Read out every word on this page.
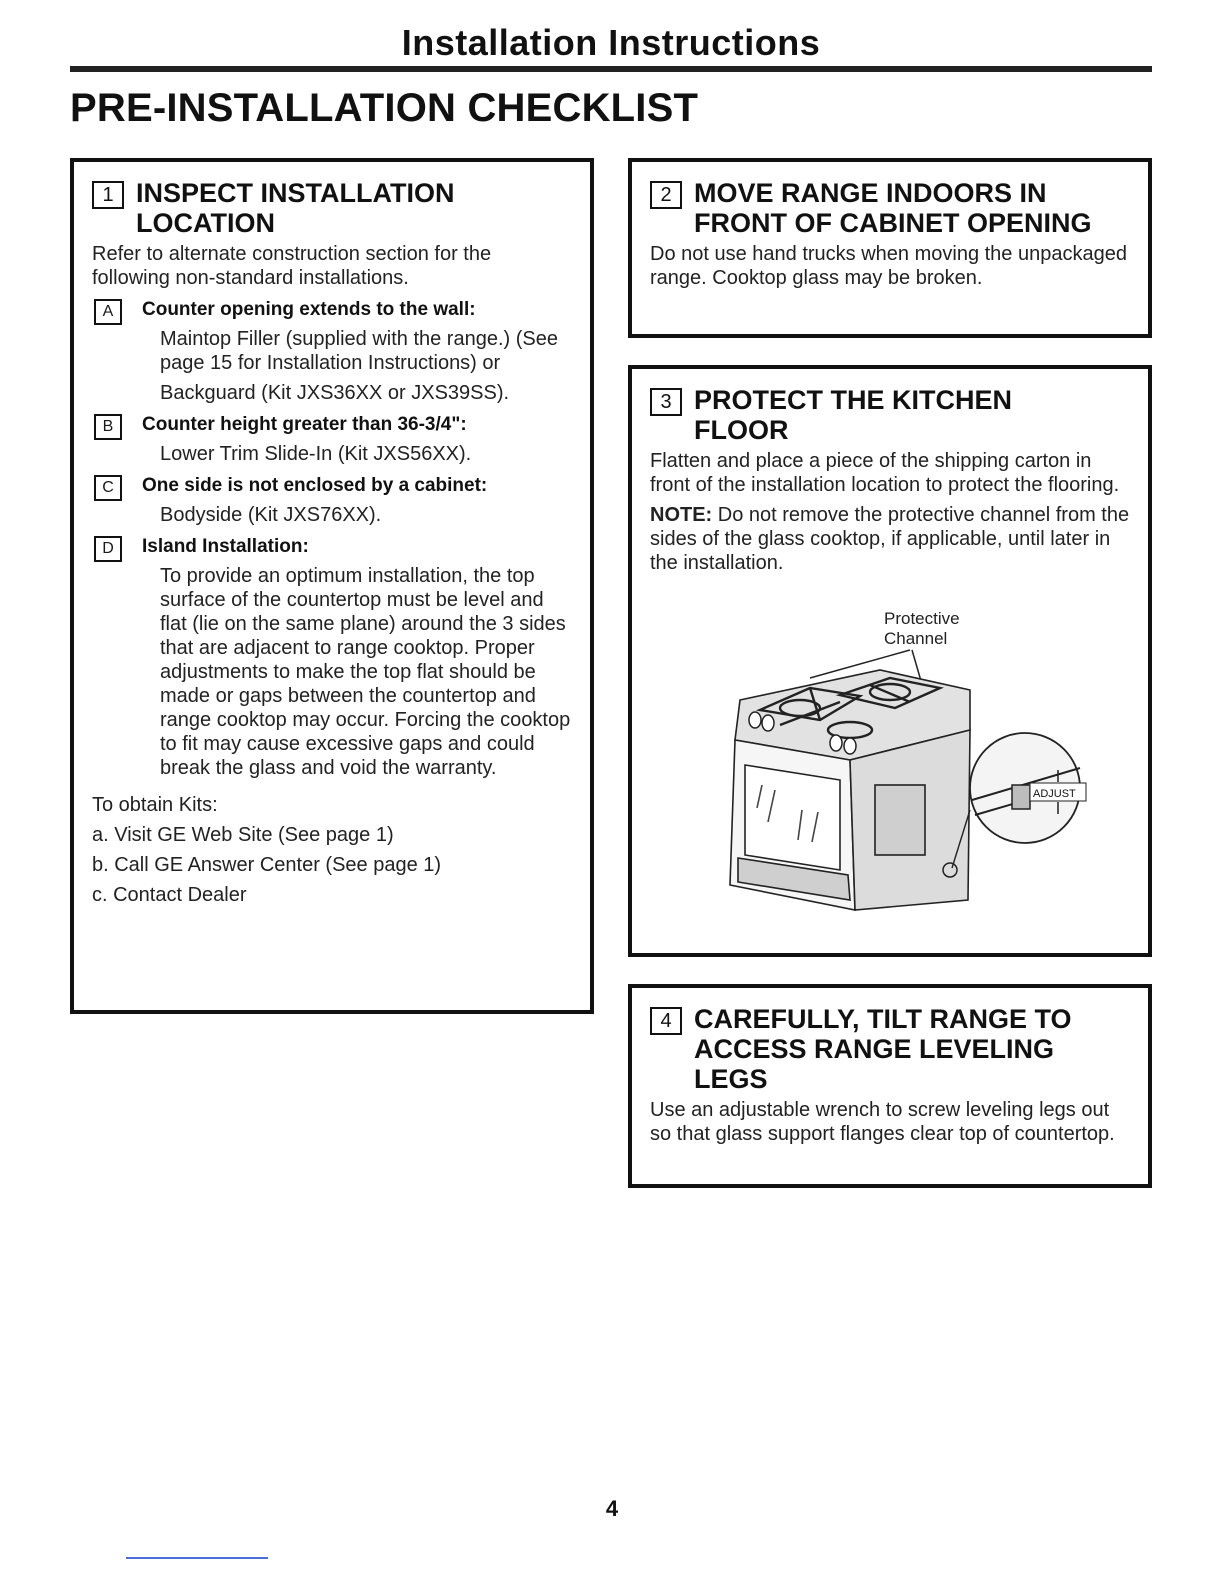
Installation Instructions
PRE-INSTALLATION CHECKLIST
1 INSPECT INSTALLATION LOCATION
Refer to alternate construction section for the following non-standard installations.
A	Counter opening extends to the wall:

Maintop Filler (supplied with the range.) (See page 15 for Installation Instructions) or

Backguard (Kit JXS36XX or JXS39SS).

B	Counter height greater than 36-3/4":

Lower Trim Slide-In (Kit JXS56XX).

C	One side is not enclosed by a cabinet:

Bodyside (Kit JXS76XX).

D	Island Installation:

To provide an optimum installation, the top surface of the countertop must be level and flat (lie on the same plane) around the 3 sides that are adjacent to range cooktop. Proper adjustments to make the top flat should be made or gaps between the countertop and range cooktop may occur. Forcing the cooktop to fit may cause excessive gaps and could break the glass and void the warranty.

To obtain Kits:
a. Visit GE Web Site (See page 1)
b. Call GE Answer Center (See page 1)
c. Contact Dealer
2 MOVE RANGE INDOORS IN FRONT OF CABINET OPENING
Do not use hand trucks when moving the unpackaged range. Cooktop glass may be broken.
3 PROTECT THE KITCHEN FLOOR
Flatten and place a piece of the shipping carton in front of the installation location to protect the flooring.
NOTE: Do not remove the protective channel from the sides of the glass cooktop, if applicable, until later in the installation.
Protective
Channel
ADJUST
4 CAREFULLY, TILT RANGE TO ACCESS RANGE LEVELING LEGS
Use an adjustable wrench to screw leveling legs out so that glass support flanges clear top of countertop.
4
